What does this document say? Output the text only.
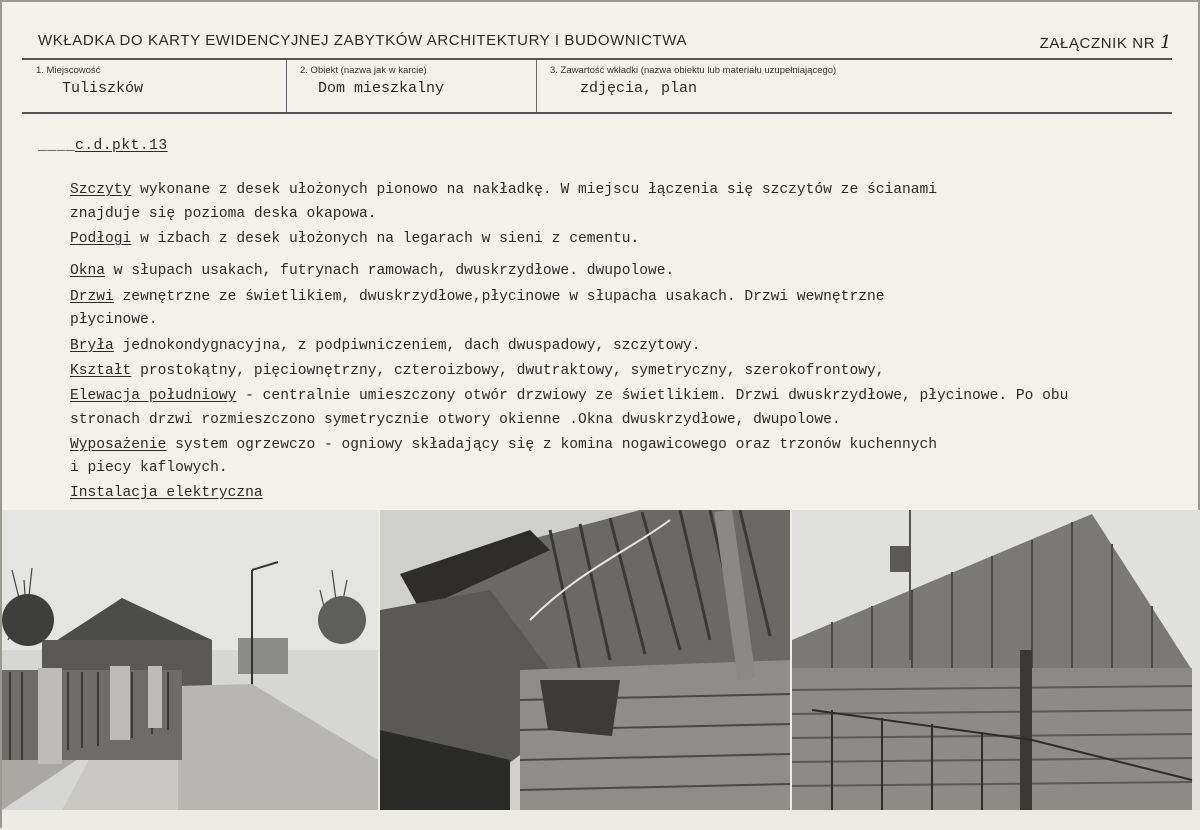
WKŁADKA DO KARTY EWIDENCYJNEJ ZABYTKÓW ARCHITEKTURY I BUDOWNICTWA	ZAŁĄCZNIK NR 1
1. Miejscowość
Tuliszków
2. Obiekt (nazwa jak w karcie)
Dom mieszkalny
3. Zawartość wkładki (nazwa obiektu lub materiału uzupełniającego)
zdjęcia, plan
____c.d.pkt.13
Szczyty wykonane z desek ułożonych pionowo na nakładkę. W miejscu łączenia się szczytów ze ścianami
znajduje się pozioma deska okapowa.
Podłogi w izbach z desek ułożonych na legarach w sieni z cementu.
Okna w słupach usakach, futrynach ramowach, dwuskrzydłowe. dwupolowe.
Drzwi zewnętrzne ze świetlikiem, dwuskrzydłowe,płycinowe w słupacha usakach. Drzwi wewnętrzne
płycinowe.
Bryła jednokondygnacyjna, z podpiwniczeniem, dach dwuspadowy, szczytowy.
Kształt prostokątny, pięciownętrzny, czteroizbowy, dwutraktowy, symetryczny, szerokofrontowy,
Elewacja południowy - centralnie umieszczony otwór drzwiowy ze świetlikiem. Drzwi dwuskrzydłowe, płycinowe. Po obu
stronach drzwi rozmieszczono symetrycznie otwory okienne .Okna dwuskrzydłowe, dwupolowe.
Wyposażenie system ogrzewczo - ogniowy składający się z komina nogawicowego oraz trzonów kuchennych
i piecy kaflowych.
Instalacja elektryczna
